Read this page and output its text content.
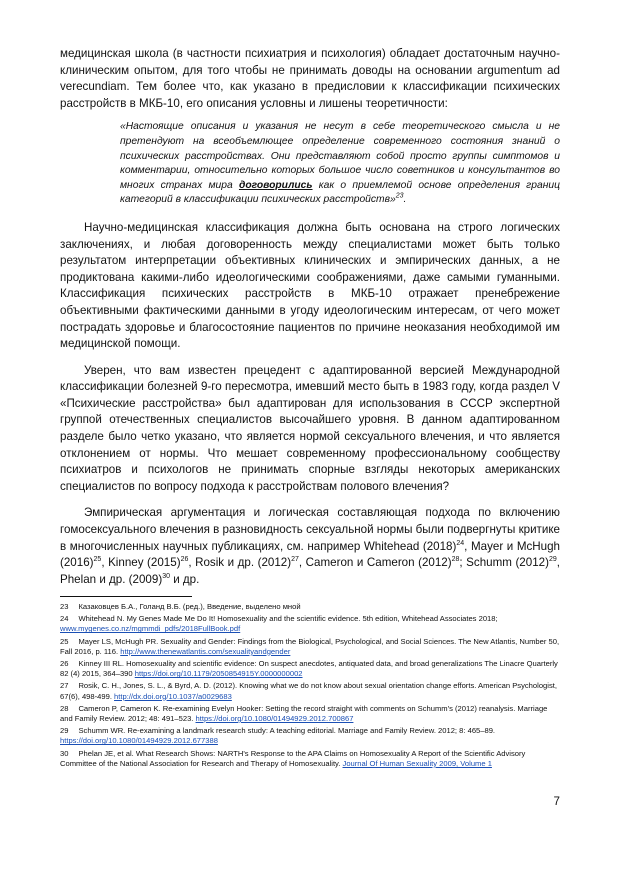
медицинская школа (в частности психиатрия и психология) обладает достаточным научно-клиническим опытом, для того чтобы не принимать доводы на основании argumentum ad verecundiam. Тем более что, как указано в предисловии к классификации психических расстройств в МКБ-10, его описания условны и лишены теоретичности:

«Настоящие описания и указания не несут в себе теоретического смысла и не претендуют на всеобъемлющее определение современного состояния знаний о психических расстройствах. Они представляют собой просто группы симптомов и комментарии, относительно которых большое число советников и консультантов во многих странах мира договорились как о приемлемой основе определения границ категорий в классификации психических расстройств»$^{23}$.

Научно-медицинская классификация должна быть основана на строго логических заключениях, и любая договоренность между специалистами может быть только результатом интерпретации объективных клинических и эмпирических данных, а не продиктована какими-либо идеологическими соображениями, даже самыми гуманными. Классификация психических расстройств в МКБ-10 отражает пренебрежение объективными фактическими данными в угоду идеологическим интересам, от чего может пострадать здоровье и благосостояние пациентов по причине неоказания необходимой им медицинской помощи.

Уверен, что вам известен прецедент с адаптированной версией Международной классификации болезней 9-го пересмотра, имевший место быть в 1983 году, когда раздел V «Психические расстройства» был адаптирован для использования в СССР экспертной группой отечественных специалистов высочайшего уровня. В данном адаптированном разделе было четко указано, что является нормой сексуального влечения, и что является отклонением от нормы. Что мешает современному профессиональному сообществу психиатров и психологов не принимать спорные взгляды некоторых американских специалистов по вопросу подхода к расстройствам полового влечения?

Эмпирическая аргументация и логическая составляющая подхода по включению гомосексуального влечения в разновидность сексуальной нормы были подвергнуты критике в многочисленных научных публикациях, см. например Whitehead $(2018)^{24}$, Mayer и McHugh $(2016)^{25}$, Kinney $(2015)^{26}$, Rosik и др. $(2012)^{27}$, Cameron и Cameron $(2012)^{28}$; Schumm $(2012)^{29}$, Phelan и др. $(2009)^{30}$ и др.

23 Казаковцев Б.А., Голанд В.Б. (ред.), Введение, выделено мной
24 Whitehead N. My Genes Made Me Do It! Homosexuality and the scientific evidence. 5th edition, Whitehead Associates 2018; www.mygenes.co.nz/mgmmdi_pdfs/2018FullBook.pdf
25 Mayer LS, McHugh PR. Sexuality and Gender: Findings from the Biological, Psychological, and Social Sciences. The New Atlantis, Number 50, Fall 2016, p. 116. http://www.thenewatlantis.com/sexualityandgender
26 Kinney III RL. Homosexuality and scientific evidence: On suspect anecdotes, antiquated data, and broad generalizations The Linacre Quarterly 82 (4) 2015, 364–390 https://doi.org/10.1179/2050854915Y.0000000002
27 Rosik, C. H., Jones, S. L., & Byrd, A. D. (2012). Knowing what we do not know about sexual orientation change efforts. American Psychologist, 67(6), 498-499. http://dx.doi.org/10.1037/a0029683
28 Cameron P, Cameron K. Re-examining Evelyn Hooker: Setting the record straight with comments on Schumm's (2012) reanalysis. Marriage and Family Review. 2012; 48: 491–523. https://doi.org/10.1080/01494929.2012.700867
29 Schumm WR. Re-examining a landmark research study: A teaching editorial. Marriage and Family Review. 2012; 8: 465–89. https://doi.org/10.1080/01494929.2012.677388
30 Phelan JE, et al. What Research Shows: NARTH's Response to the APA Claims on Homosexuality A Report of the Scientific Advisory Committee of the National Association for Research and Therapy of Homosexuality. Journal Of Human Sexuality 2009, Volume 1
7
